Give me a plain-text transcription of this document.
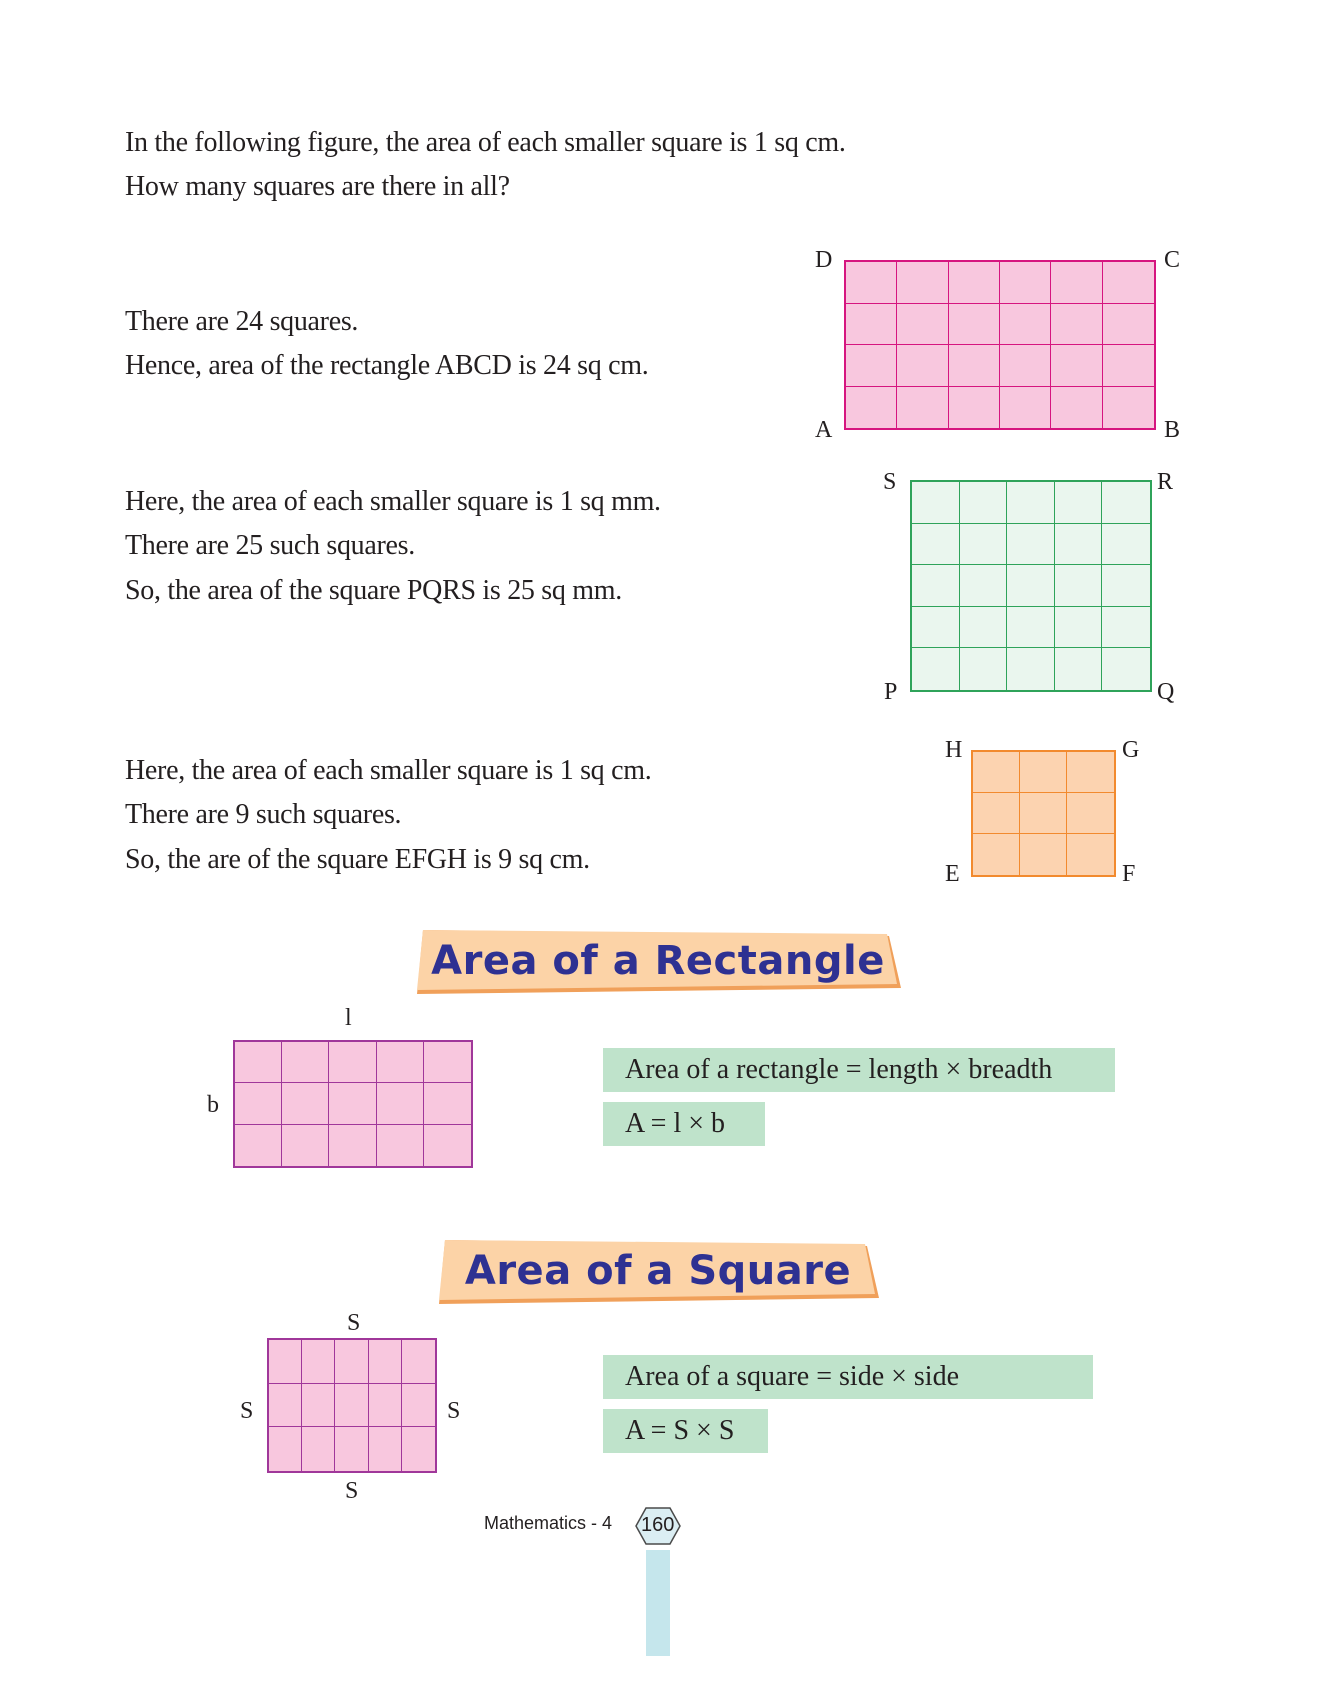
In the following figure, the area of each smaller square is 1 sq cm.

How many squares are there in all?

There are 24 squares.

Hence, area of the rectangle ABCD is 24 sq cm.

D	C
A	B

Here, the area of each smaller square is 1 sq mm.

There are 25 such squares.

So, the area of the square PQRS is 25 sq mm.

S	R
P	Q

Here, the area of each smaller square is 1 sq cm.

There are 9 such squares.

So, the are of the square EFGH is 9 sq cm.

H	G
E	F
Area of a Rectangle
l
b
Area of a rectangle = length × breadth
A = l × b
Area of a Square
S
S	S
S
Area of a square = side × side
A = S × S
Mathematics - 4 160
